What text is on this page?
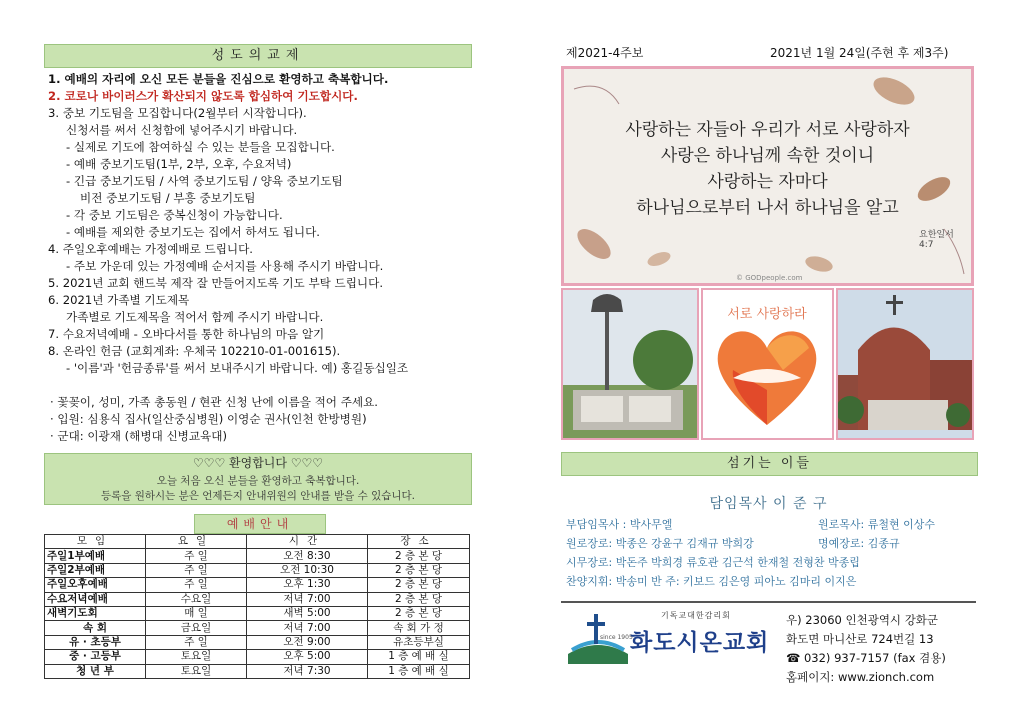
성도의교제
1. 예배의 자리에 오신 모든 분들을 진심으로 환영하고 축복합니다.
2. 코로나 바이러스가 확산되지 않도록 합심하여 기도합시다.
3. 중보 기도팀을 모집합니다(2월부터 시작합니다).
신청서를 써서 신청함에 넣어주시기 바랍니다.
- 실제로 기도에 참여하실 수 있는 분들을 모집합니다.
- 예배 중보기도팀(1부, 2부, 오후, 수요저녁)
- 긴급 중보기도팀 / 사역 중보기도팀 / 양육 중보기도팀
비전 중보기도팀 / 부흥 중보기도팀
- 각 중보 기도팀은 중복신청이 가능합니다.
- 예배를 제외한 중보기도는 집에서 하셔도 됩니다.
4. 주일오후예배는 가정예배로 드립니다.
- 주보 가운데 있는 가정예배 순서지를 사용해 주시기 바랍니다.
5. 2021년 교회 핸드북 제작 잘 만들어지도록 기도 부탁 드립니다.
6. 2021년 가족별 기도제목
가족별로 기도제목을 적어서 함께 주시기 바랍니다.
7. 수요저녁예배 - 오바다서를 통한 하나님의 마음 알기
8. 온라인 헌금 (교회계좌: 우체국 102210-01-001615).
- '이름'과 '헌금종류'를 써서 보내주시기 바랍니다. 예) 홍길동십일조
· 꽃꽂이, 성미, 가족 총동원 / 현관 신청 난에 이름을 적어 주세요.
· 입원: 심용식 집사(일산중심병원) 이영순 권사(인천 한방병원)
· 군대: 이광재 (해병대 신병교육대)
♡♡♡ 환영합니다 ♡♡♡
오늘 처음 오신 분들을 환영하고 축복합니다.
등록을 원하시는 분은 언제든지 안내위원의 안내를 받을 수 있습니다.
예배안내
모임	요일	시간	장소
주일1부예배	주 일	오전 8:30	2 층 본 당
주일2부예배	주 일	오전 10:30	2 층 본 당
주일오후예배	주 일	오후 1:30	2 층 본 당
수요저녁예배	수요일	저녁 7:00	2 층 본 당
새벽기도회	매 일	새벽 5:00	2 층 본 당
속 회	금요일	저녁 7:00	속 회 가 정
유 · 초등부	주 일	오전 9:00	유초등부실
중 · 고등부	토요일	오후 5:00	1 층 예 배 실
청 년 부	토요일	저녁 7:30	1 층 예 배 실
제2021-4주보	2021년 1월 24일(주현 후 제3주)
사랑하는 자들아 우리가 서로 사랑하자
사랑은 하나님께 속한 것이니
사랑하는 자마다
하나님으로부터 나서 하나님을 알고
요한일서 4:7
© GODpeople.com
서로 사랑하라
섬기는 이들
담임목사 이 준 구
부담임목사 : 박사무엘	원로목사: 류철현 이상수
원로장로: 박종은 강윤구 김재규 박희강	명예장로: 김종규
시무장로: 박돈주 박희경 류호관 김근석 한재철 전형찬 박종립
찬양지휘: 박송미 반 주: 키보드 김은영 피아노 김마리 이지은
since 1905
기독교대한감리회
화도시온교회
우) 23060 인천광역시 강화군
화도면 마니산로 724번길 13
☎ 032) 937-7157 (fax 겸용)
홈페이지: www.zionch.com
